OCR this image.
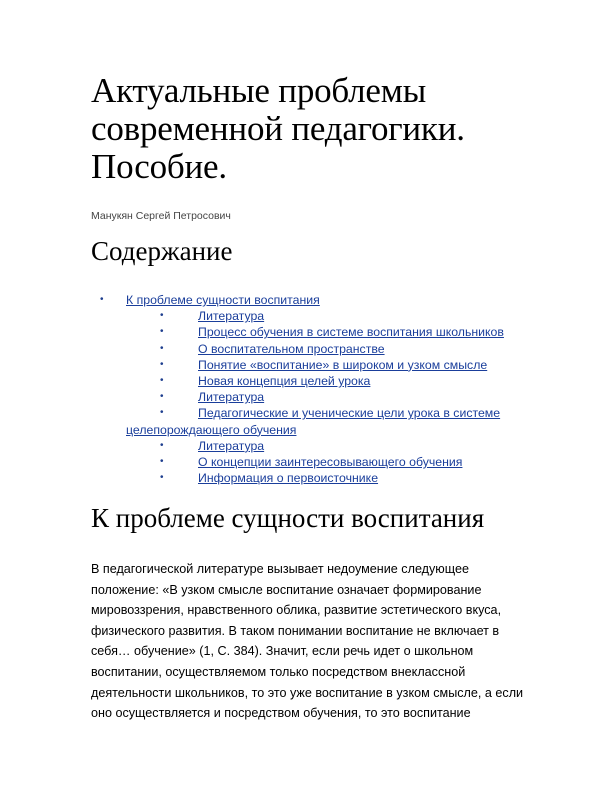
Актуальные проблемы современной педагогики. Пособие.

Манукян Сергей Петросович

Содержание
•	К проблеме сущности воспитания
•	Литература
•	Процесс обучения в системе воспитания школьников
•	О воспитательном пространстве
•	Понятие «воспитание» в широком и узком смысле
•	Новая концепция целей урока
•	Литература
•	Педагогические и ученические цели урока в системе целепорождающего обучения
•	Литература
•	О концепции заинтересовывающего обучения
•	Информация о первоисточнике
К проблеме сущности воспитания

В педагогической литературе вызывает недоумение следующее положение: «В узком смысле воспитание означает формирование мировоззрения, нравственного облика, развитие эстетического вкуса, физического развития. В таком понимании воспитание не включает в себя… обучение» (1, С. 384). Значит, если речь идет о школьном воспитании, осуществляемом только посредством внеклассной деятельности школьников, то это уже воспитание в узком смысле, а если оно осуществляется и посредством обучения, то это воспитание
